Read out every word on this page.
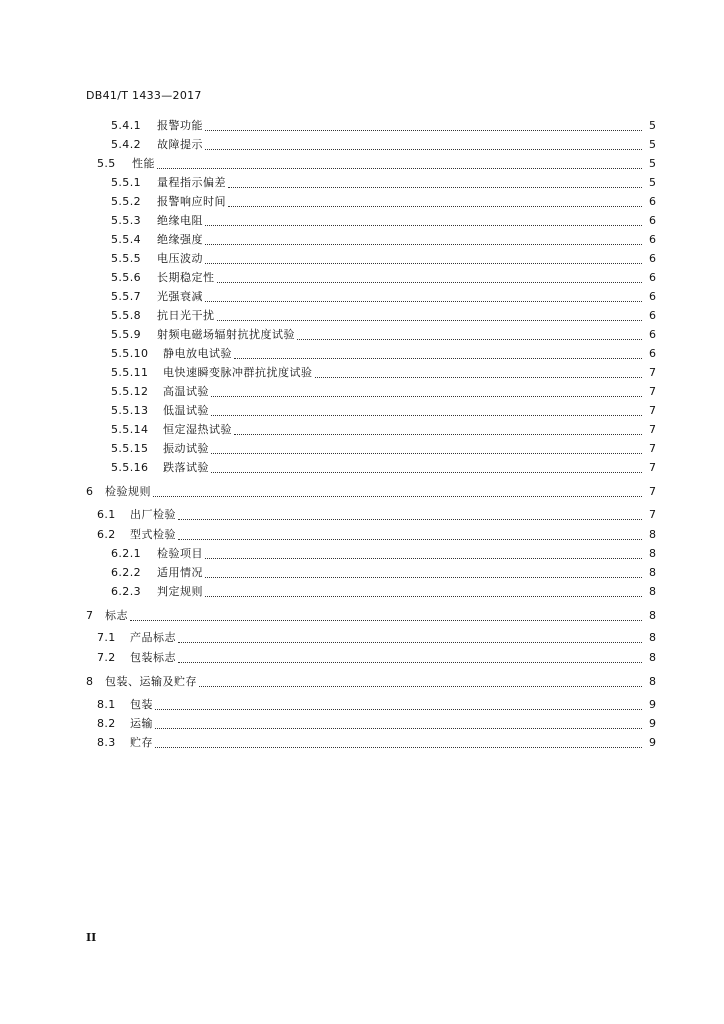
DB41/T 1433—2017
5.4.1 报警功能	5
5.4.2 故障提示	5
5.5 性能	5
5.5.1 量程指示偏差	5
5.5.2 报警响应时间	6
5.5.3 绝缘电阻	6
5.5.4 绝缘强度	6
5.5.5 电压波动	6
5.5.6 长期稳定性	6
5.5.7 光强衰减	6
5.5.8 抗日光干扰	6
5.5.9 射频电磁场辐射抗扰度试验	6
5.5.10 静电放电试验	6
5.5.11 电快速瞬变脉冲群抗扰度试验	7
5.5.12 高温试验	7
5.5.13 低温试验	7
5.5.14 恒定湿热试验	7
5.5.15 振动试验	7
5.5.16 跌落试验	7
6 检验规则	7
6.1 出厂检验	7
6.2 型式检验	8
6.2.1 检验项目	8
6.2.2 适用情况	8
6.2.3 判定规则	8
7 标志	8
7.1 产品标志	8
7.2 包装标志	8
8 包装、运输及贮存	8
8.1 包装	9
8.2 运输	9
8.3 贮存	9
II
